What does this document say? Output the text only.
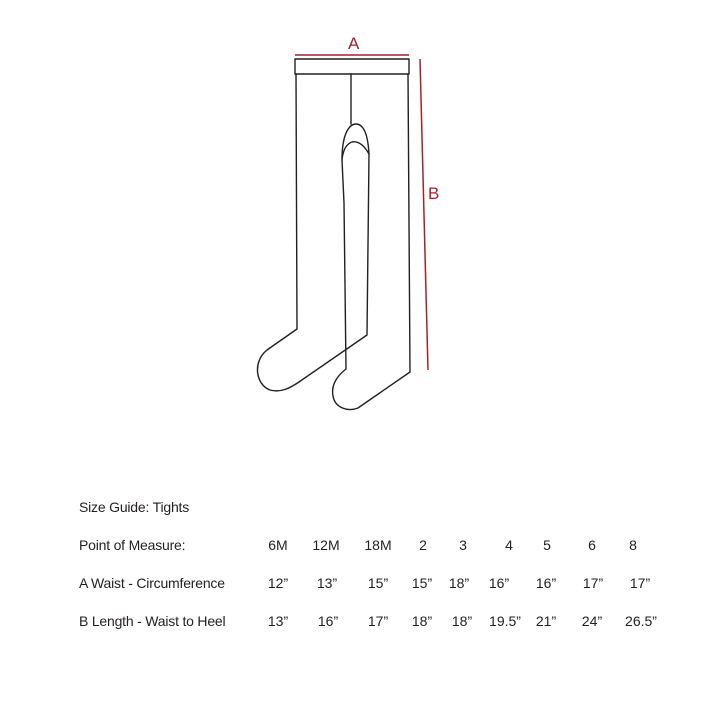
A
B
Size Guide: Tights
Point of Measure:	6M 12M 18M 2 3	4 5	6 8
A Waist - Circumference	12” 13” 15” 15” 18” 16” 16” 17” 17”
B Length - Waist to Heel	13” 16” 17” 18” 18” 19.5” 21” 24” 26.5”
